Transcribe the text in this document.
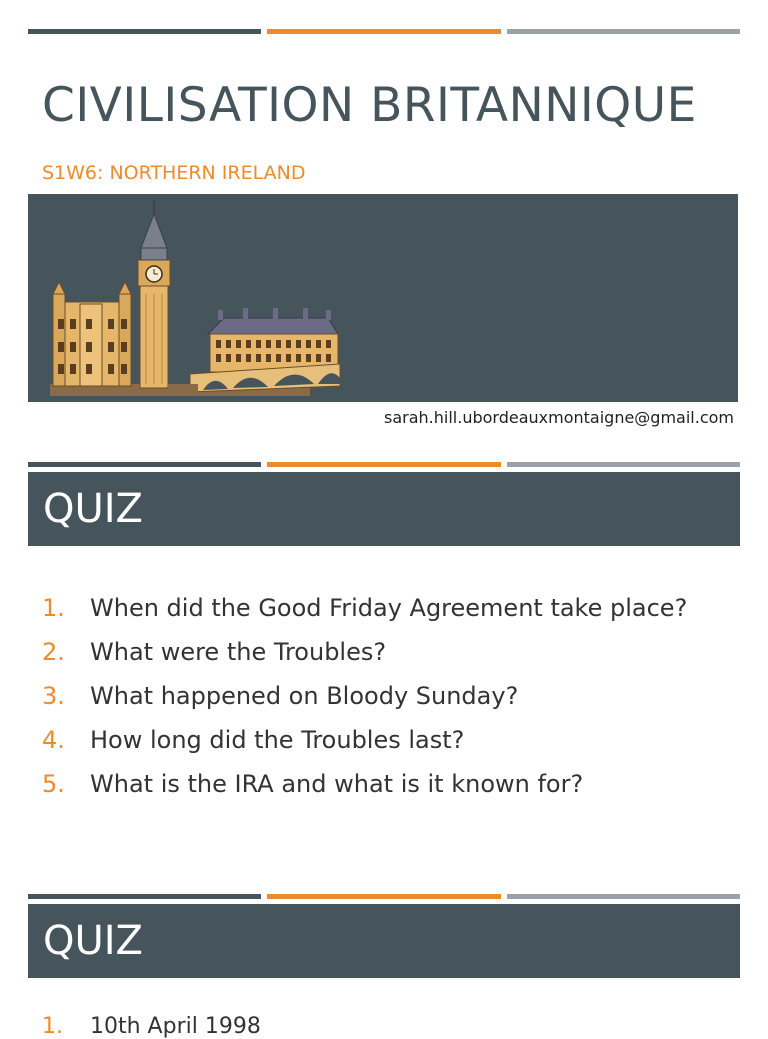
CIVILISATION BRITANNIQUE
S1W6: NORTHERN IRELAND
sarah.hill.ubordeauxmontaigne@gmail.com
QUIZ
1.	When did the Good Friday Agreement take place?
2.	What were the Troubles?
3.	What happened on Bloody Sunday?
4.	How long did the Troubles last?
5.	What is the IRA and what is it known for?
QUIZ
1. 10th April 1998
